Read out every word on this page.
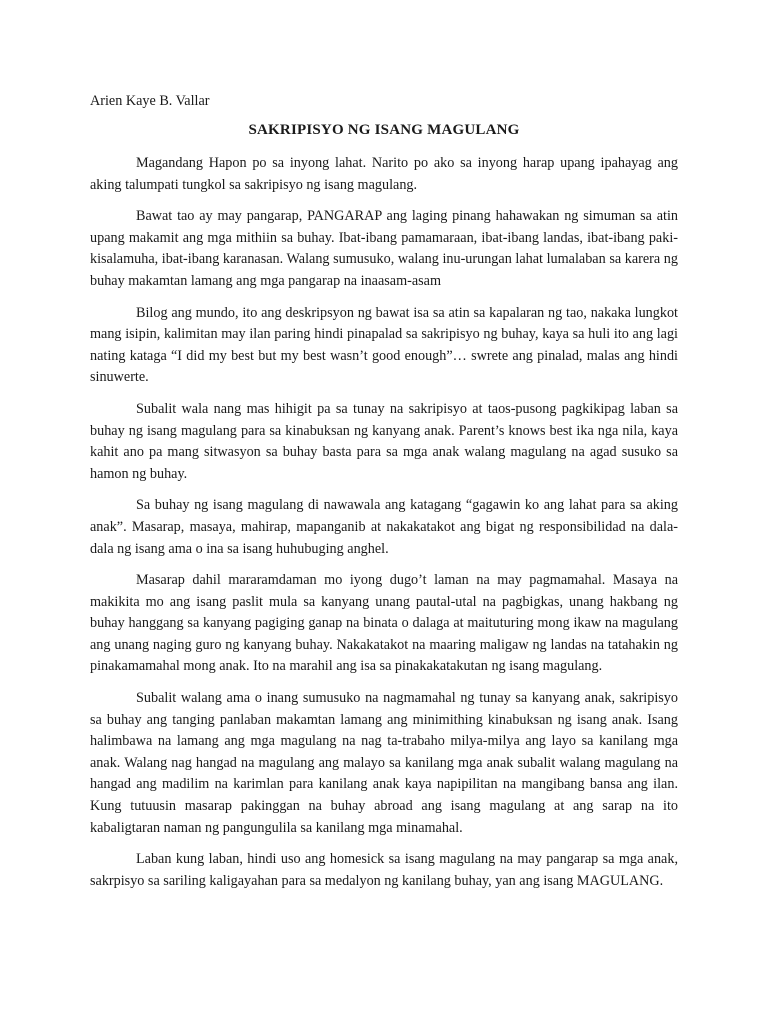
Arien Kaye B. Vallar

SAKRIPISYO NG ISANG MAGULANG

Magandang Hapon po sa inyong lahat. Narito po ako sa inyong harap upang ipahayag ang aking talumpati tungkol sa sakripisyo ng isang magulang.

Bawat tao ay may pangarap, PANGARAP ang laging pinang hahawakan ng simuman sa atin upang makamit ang mga mithiin sa buhay. Ibat-ibang pamamaraan, ibat-ibang landas, ibat-ibang paki-kisalamuha, ibat-ibang karanasan. Walang sumusuko, walang inu-urungan lahat lumalaban sa karera ng buhay makamtan lamang ang mga pangarap na inaasam-asam

Bilog ang mundo, ito ang deskripsyon ng bawat isa sa atin sa kapalaran ng tao, nakaka lungkot mang isipin, kalimitan may ilan paring hindi pinapalad sa sakripisyo ng buhay, kaya sa huli ito ang lagi nating kataga “I did my best but my best wasn’t good enough”… swrete ang pinalad, malas ang hindi sinuwerte.

Subalit wala nang mas hihigit pa sa tunay na sakripisyo at taos-pusong pagkikipag laban sa buhay ng isang magulang para sa kinabuksan ng kanyang anak. Parent’s knows best ika nga nila, kaya kahit ano pa mang sitwasyon sa buhay basta para sa mga anak walang magulang na agad susuko sa hamon ng buhay.

Sa buhay ng isang magulang di nawawala ang katagang “gagawin ko ang lahat para sa aking anak”. Masarap, masaya, mahirap, mapanganib at nakakatakot ang bigat ng responsibilidad na dala-dala ng isang ama o ina sa isang huhubuging anghel.

Masarap dahil mararamdaman mo iyong dugo’t laman na may pagmamahal. Masaya na makikita mo ang isang paslit mula sa kanyang unang pautal-utal na pagbigkas, unang hakbang ng buhay hanggang sa kanyang pagiging ganap na binata o dalaga at maituturing mong ikaw na magulang ang unang naging guro ng kanyang buhay. Nakakatakot na maaring maligaw ng landas na tatahakin ng pinakamamahal mong anak. Ito na marahil ang isa sa pinakakatakutan ng isang magulang.

Subalit walang ama o inang sumusuko na nagmamahal ng tunay sa kanyang anak, sakripisyo sa buhay ang tanging panlaban makamtan lamang ang minimithing kinabuksan ng isang anak. Isang halimbawa na lamang ang mga magulang na nag ta-trabaho milya-milya ang layo sa kanilang mga anak. Walang nag hangad na magulang ang malayo sa kanilang mga anak subalit walang magulang na hangad ang madilim na karimlan para kanilang anak kaya napipilitan na mangibang bansa ang ilan. Kung tutuusin masarap pakinggan na buhay abroad ang isang magulang at ang sarap na ito kabaligtaran naman ng pangungulila sa kanilang mga minamahal.

Laban kung laban, hindi uso ang homesick sa isang magulang na may pangarap sa mga anak, sakrpisyo sa sariling kaligayahan para sa medalyon ng kanilang buhay, yan ang isang MAGULANG.
